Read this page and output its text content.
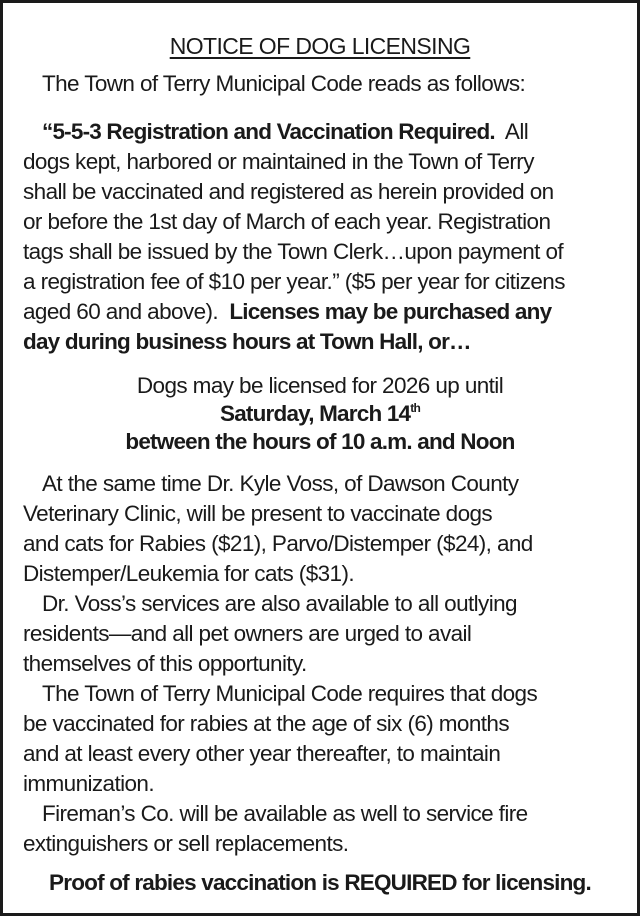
NOTICE OF DOG LICENSING
The Town of Terry Municipal Code reads as follows:
“5-5-3 Registration and Vaccination Required. All
dogs kept, harbored or maintained in the Town of Terry
shall be vaccinated and registered as herein provided on
or before the 1st day of March of each year. Registration
tags shall be issued by the Town Clerk…upon payment of
a registration fee of $10 per year.” ($5 per year for citizens
aged 60 and above). Licenses may be purchased any
day during business hours at Town Hall, or…
Dogs may be licensed for 2026 up until
Saturday, March 14th
between the hours of 10 a.m. and Noon
At the same time Dr. Kyle Voss, of Dawson County
Veterinary Clinic, will be present to vaccinate dogs
and cats for Rabies ($21), Parvo/Distemper ($24), and
Distemper/Leukemia for cats ($31).
Dr. Voss’s services are also available to all outlying
residents—and all pet owners are urged to avail
themselves of this opportunity.
The Town of Terry Municipal Code requires that dogs
be vaccinated for rabies at the age of six (6) months
and at least every other year thereafter, to maintain
immunization.
Fireman’s Co. will be available as well to service fire
extinguishers or sell replacements.
Proof of rabies vaccination is REQUIRED for licensing.
